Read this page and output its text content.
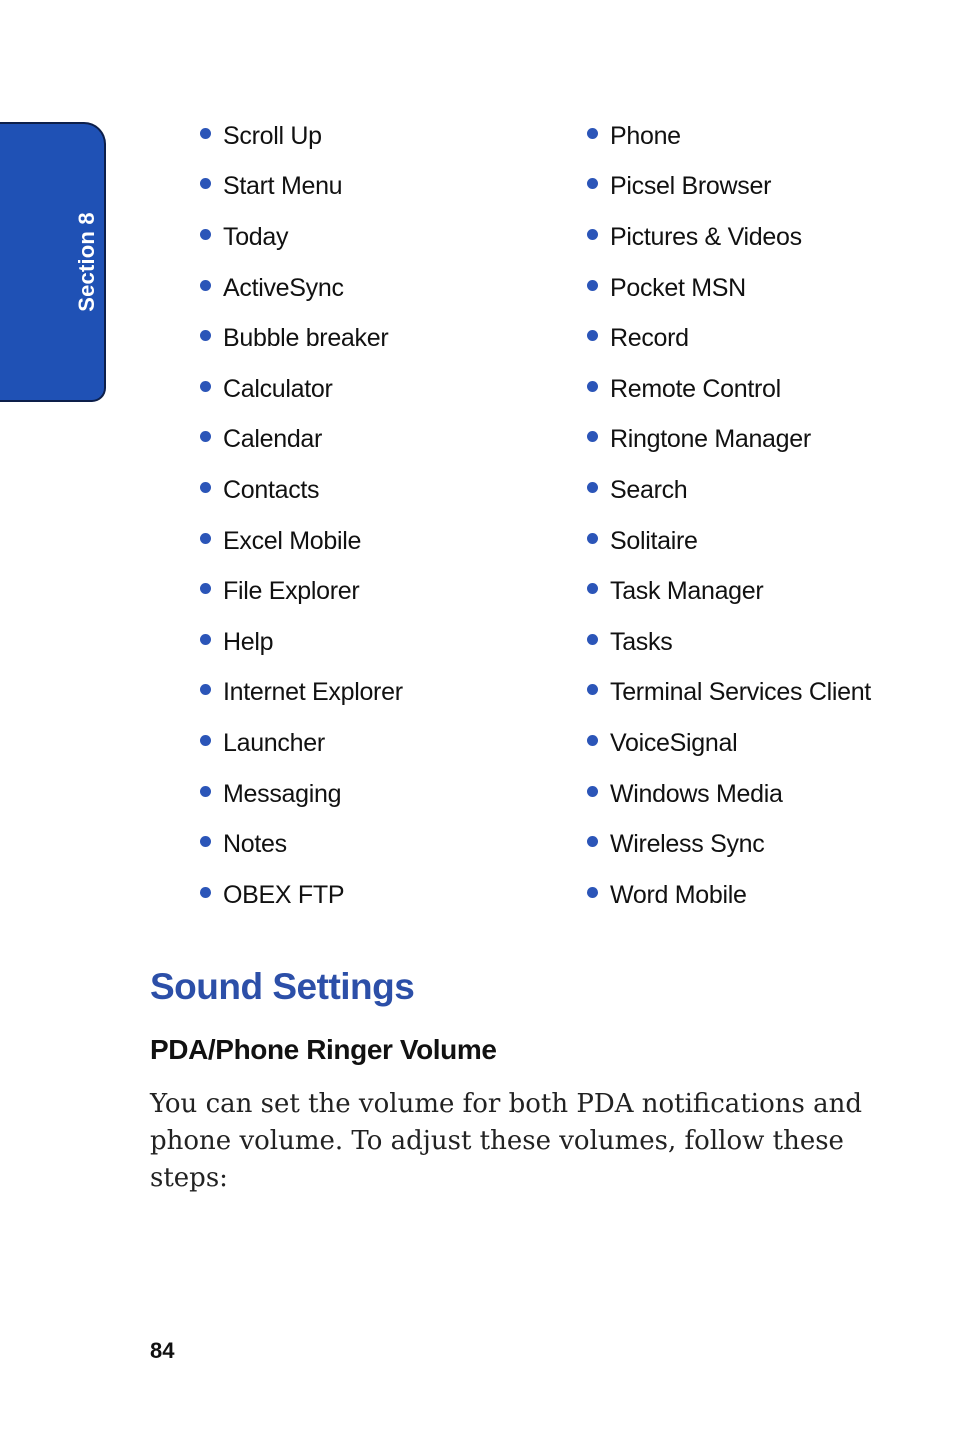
Section 8
Scroll Up
Start Menu
Today
ActiveSync
Bubble breaker
Calculator
Calendar
Contacts
Excel Mobile
File Explorer
Help
Internet Explorer
Launcher
Messaging
Notes
OBEX FTP
Phone
Picsel Browser
Pictures & Videos
Pocket MSN
Record
Remote Control
Ringtone Manager
Search
Solitaire
Task Manager
Tasks
Terminal Services Client
VoiceSignal
Windows Media
Wireless Sync
Word Mobile
Sound Settings
PDA/Phone Ringer Volume

You can set the volume for both PDA notifications and phone volume. To adjust these volumes, follow these steps:

84
